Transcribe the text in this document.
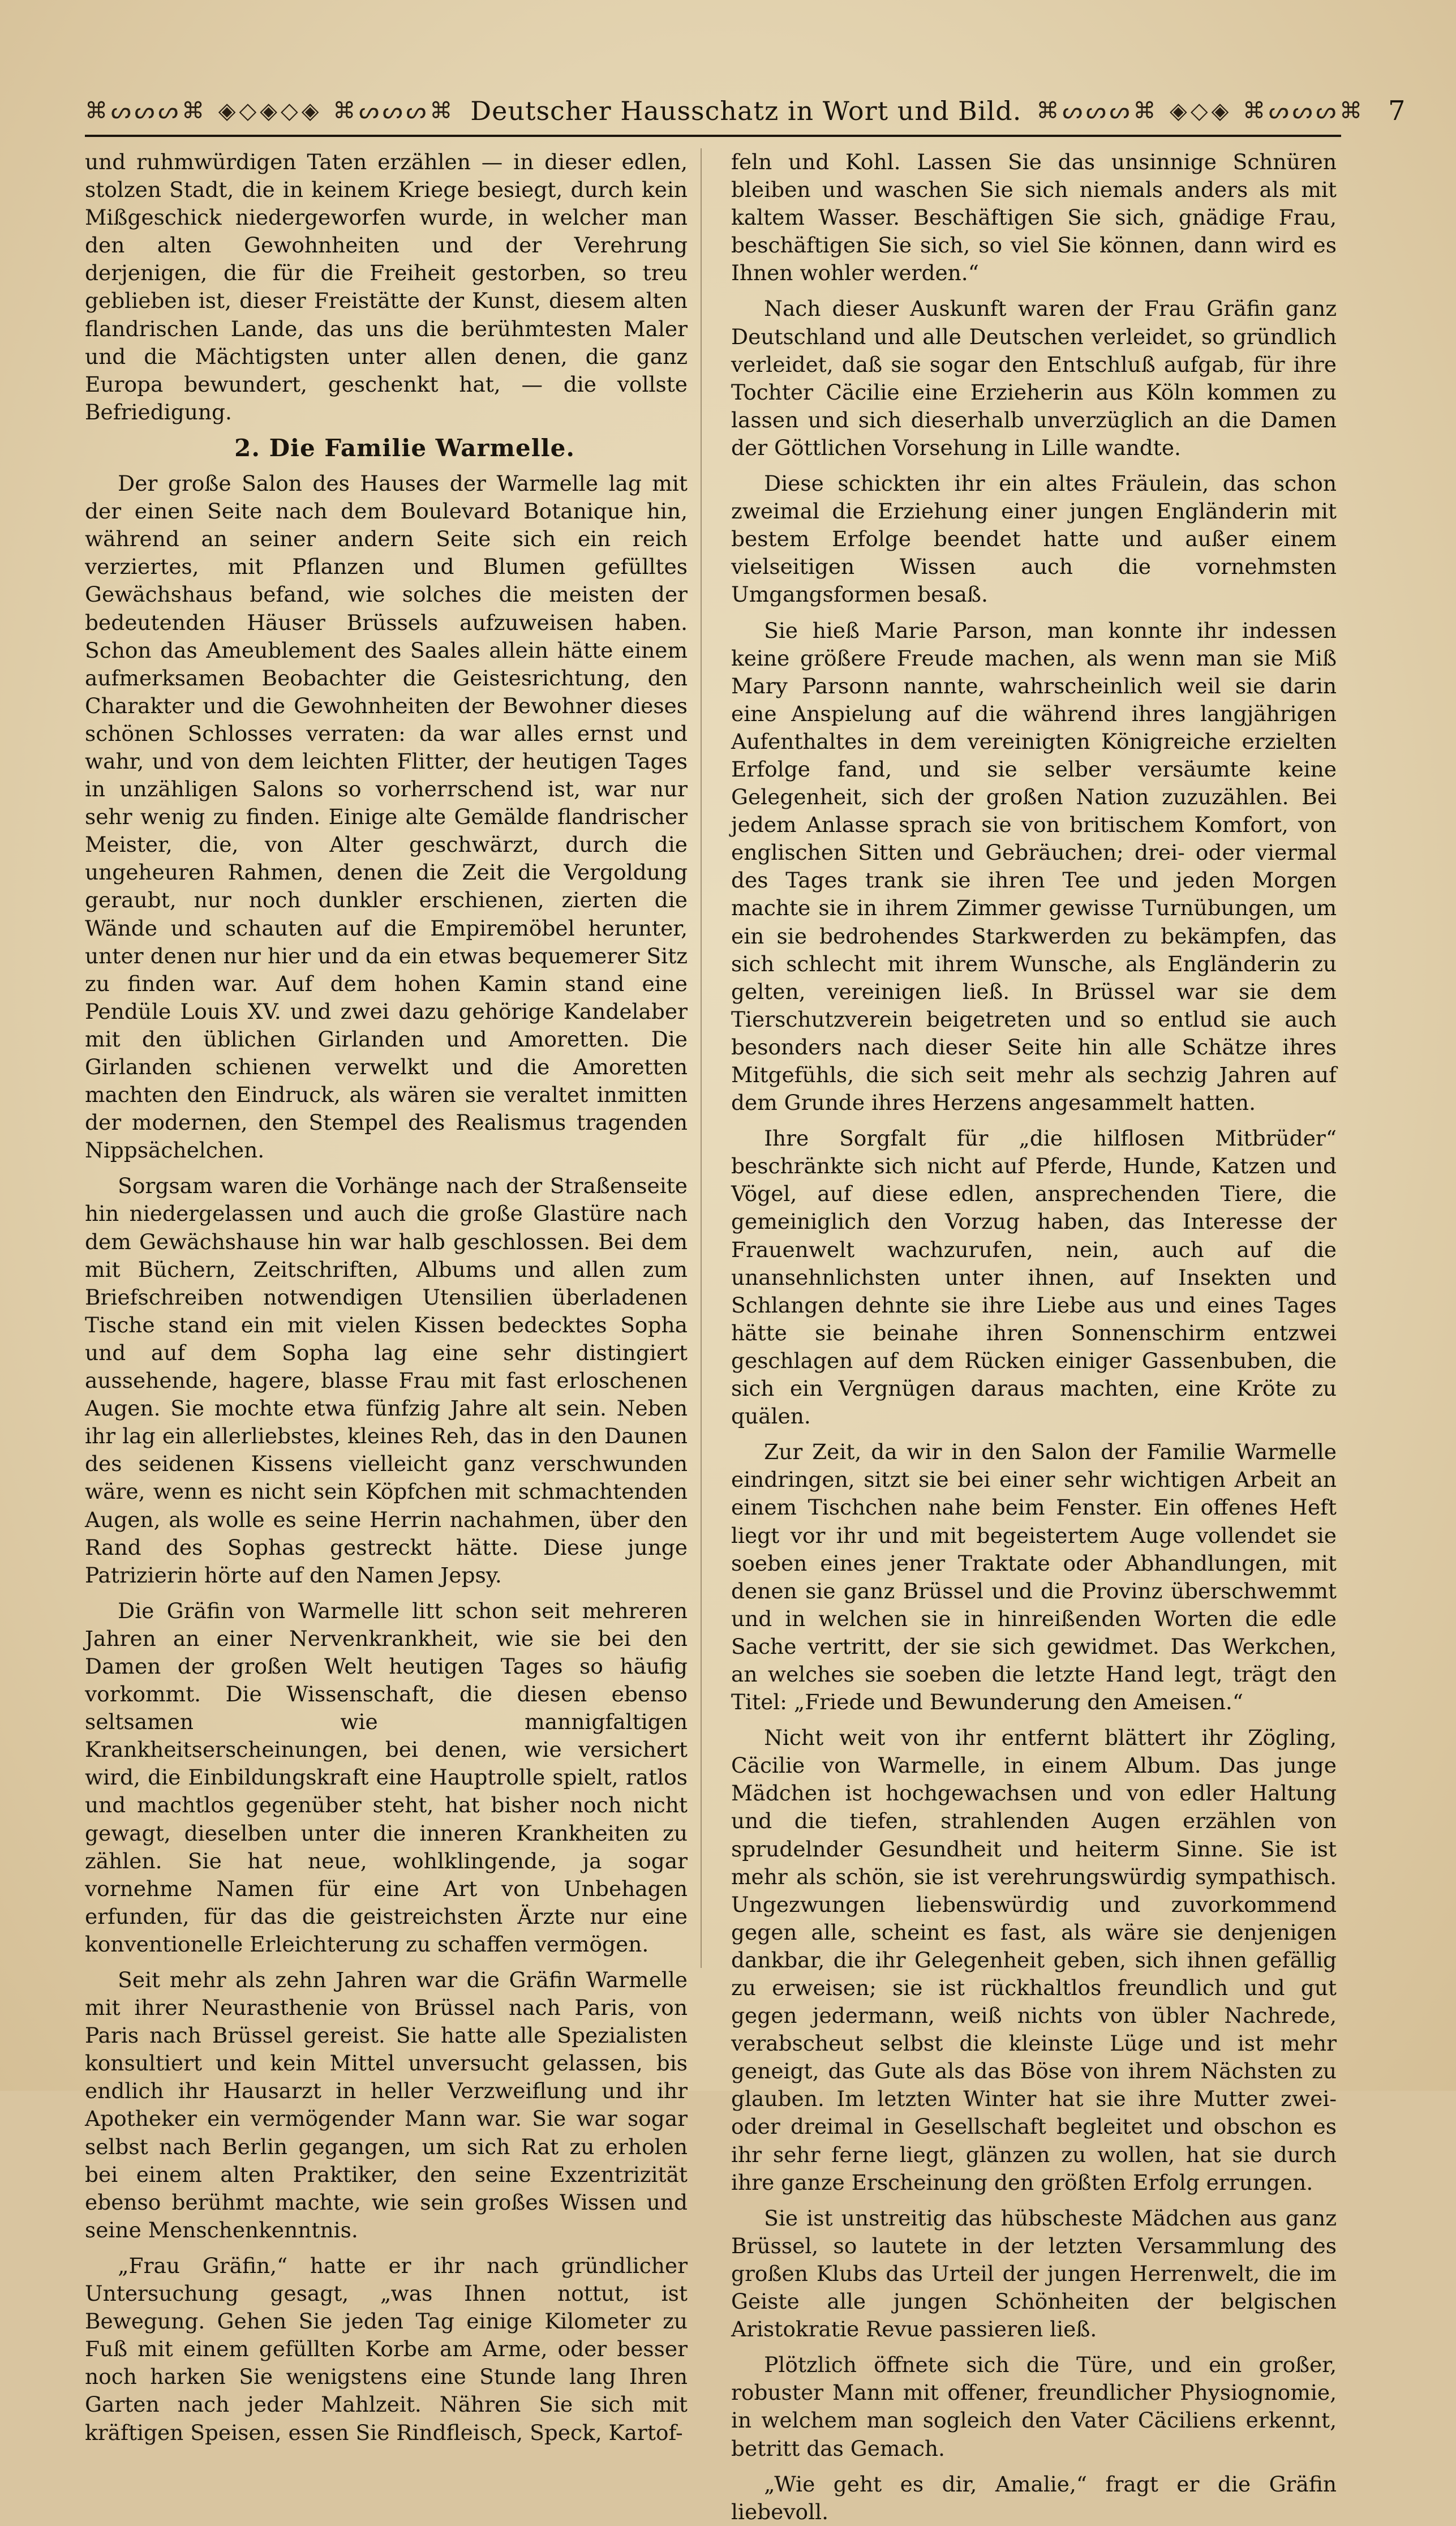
⌘ᔕᔕᔕ⌘ ◈◇◈◇◈ ⌘ᔕᔕᔕ⌘ Deutscher Hausschatz in Wort und Bild. ⌘ᔕᔕᔕ⌘ ◈◇◈ ⌘ᔕᔕᔕ⌘ 7

und ruhmwürdigen Taten erzählen — in dieser edlen, stolzen Stadt, die in keinem Kriege besiegt, durch kein Mißgeschick niedergeworfen wurde, in welcher man den alten Gewohnheiten und der Verehrung derjenigen, die für die Freiheit gestorben, so treu geblieben ist, dieser Freistätte der Kunst, diesem alten flandrischen Lande, das uns die berühmtesten Maler und die Mächtigsten unter allen denen, die ganz Europa bewundert, geschenkt hat, — die vollste Befriedigung.

2. Die Familie Warmelle.

Der große Salon des Hauses der Warmelle lag mit der einen Seite nach dem Boulevard Botanique hin, während an seiner andern Seite sich ein reich verziertes, mit Pflanzen und Blumen gefülltes Gewächshaus befand, wie solches die meisten der bedeutenden Häuser Brüssels aufzuweisen haben. Schon das Ameublement des Saales allein hätte einem aufmerksamen Beobachter die Geistesrichtung, den Charakter und die Gewohnheiten der Bewohner dieses schönen Schlosses verraten: da war alles ernst und wahr, und von dem leichten Flitter, der heutigen Tages in unzähligen Salons so vorherrschend ist, war nur sehr wenig zu finden. Einige alte Gemälde flandrischer Meister, die, von Alter geschwärzt, durch die ungeheuren Rahmen, denen die Zeit die Vergoldung geraubt, nur noch dunkler erschienen, zierten die Wände und schauten auf die Empiremöbel herunter, unter denen nur hier und da ein etwas bequemerer Sitz zu finden war. Auf dem hohen Kamin stand eine Pendüle Louis XV. und zwei dazu gehörige Kandelaber mit den üblichen Girlanden und Amoretten. Die Girlanden schienen verwelkt und die Amoretten machten den Eindruck, als wären sie veraltet inmitten der modernen, den Stempel des Realismus tragenden Nippsächelchen.

Sorgsam waren die Vorhänge nach der Straßenseite hin niedergelassen und auch die große Glastüre nach dem Gewächshause hin war halb geschlossen. Bei dem mit Büchern, Zeitschriften, Albums und allen zum Briefschreiben notwendigen Utensilien überladenen Tische stand ein mit vielen Kissen bedecktes Sopha und auf dem Sopha lag eine sehr distingiert aussehende, hagere, blasse Frau mit fast erloschenen Augen. Sie mochte etwa fünfzig Jahre alt sein. Neben ihr lag ein allerliebstes, kleines Reh, das in den Daunen des seidenen Kissens vielleicht ganz verschwunden wäre, wenn es nicht sein Köpfchen mit schmachtenden Augen, als wolle es seine Herrin nachahmen, über den Rand des Sophas gestreckt hätte. Diese junge Patrizierin hörte auf den Namen Jepsy.

Die Gräfin von Warmelle litt schon seit mehreren Jahren an einer Nervenkrankheit, wie sie bei den Damen der großen Welt heutigen Tages so häufig vorkommt. Die Wissenschaft, die diesen ebenso seltsamen wie mannigfaltigen Krankheitserscheinungen, bei denen, wie versichert wird, die Einbildungskraft eine Hauptrolle spielt, ratlos und machtlos gegenüber steht, hat bisher noch nicht gewagt, dieselben unter die inneren Krankheiten zu zählen. Sie hat neue, wohlklingende, ja sogar vornehme Namen für eine Art von Unbehagen erfunden, für das die geistreichsten Ärzte nur eine konventionelle Erleichterung zu schaffen vermögen.

Seit mehr als zehn Jahren war die Gräfin Warmelle mit ihrer Neurasthenie von Brüssel nach Paris, von Paris nach Brüssel gereist. Sie hatte alle Spezialisten konsultiert und kein Mittel unversucht gelassen, bis endlich ihr Hausarzt in heller Verzweiflung und ihr Apotheker ein vermögender Mann war. Sie war sogar selbst nach Berlin gegangen, um sich Rat zu erholen bei einem alten Praktiker, den seine Exzentrizität ebenso berühmt machte, wie sein großes Wissen und seine Menschenkenntnis.

„Frau Gräfin,“ hatte er ihr nach gründlicher Untersuchung gesagt, „was Ihnen nottut, ist Bewegung. Gehen Sie jeden Tag einige Kilometer zu Fuß mit einem gefüllten Korbe am Arme, oder besser noch harken Sie wenigstens eine Stunde lang Ihren Garten nach jeder Mahlzeit. Nähren Sie sich mit kräftigen Speisen, essen Sie Rindfleisch, Speck, Kartof-

feln und Kohl. Lassen Sie das unsinnige Schnüren bleiben und waschen Sie sich niemals anders als mit kaltem Wasser. Beschäftigen Sie sich, gnädige Frau, beschäftigen Sie sich, so viel Sie können, dann wird es Ihnen wohler werden.“

Nach dieser Auskunft waren der Frau Gräfin ganz Deutschland und alle Deutschen verleidet, so gründlich verleidet, daß sie sogar den Entschluß aufgab, für ihre Tochter Cäcilie eine Erzieherin aus Köln kommen zu lassen und sich dieserhalb unverzüglich an die Damen der Göttlichen Vorsehung in Lille wandte.

Diese schickten ihr ein altes Fräulein, das schon zweimal die Erziehung einer jungen Engländerin mit bestem Erfolge beendet hatte und außer einem vielseitigen Wissen auch die vornehmsten Umgangsformen besaß.

Sie hieß Marie Parson, man konnte ihr indessen keine größere Freude machen, als wenn man sie Miß Mary Parsonn nannte, wahrscheinlich weil sie darin eine Anspielung auf die während ihres langjährigen Aufenthaltes in dem vereinigten Königreiche erzielten Erfolge fand, und sie selber versäumte keine Gelegenheit, sich der großen Nation zuzuzählen. Bei jedem Anlasse sprach sie von britischem Komfort, von englischen Sitten und Gebräuchen; drei- oder viermal des Tages trank sie ihren Tee und jeden Morgen machte sie in ihrem Zimmer gewisse Turnübungen, um ein sie bedrohendes Starkwerden zu bekämpfen, das sich schlecht mit ihrem Wunsche, als Engländerin zu gelten, vereinigen ließ. In Brüssel war sie dem Tierschutzverein beigetreten und so entlud sie auch besonders nach dieser Seite hin alle Schätze ihres Mitgefühls, die sich seit mehr als sechzig Jahren auf dem Grunde ihres Herzens angesammelt hatten.

Ihre Sorgfalt für „die hilflosen Mitbrüder“ beschränkte sich nicht auf Pferde, Hunde, Katzen und Vögel, auf diese edlen, ansprechenden Tiere, die gemeiniglich den Vorzug haben, das Interesse der Frauenwelt wachzurufen, nein, auch auf die unansehnlichsten unter ihnen, auf Insekten und Schlangen dehnte sie ihre Liebe aus und eines Tages hätte sie beinahe ihren Sonnenschirm entzwei geschlagen auf dem Rücken einiger Gassenbuben, die sich ein Vergnügen daraus machten, eine Kröte zu quälen.

Zur Zeit, da wir in den Salon der Familie Warmelle eindringen, sitzt sie bei einer sehr wichtigen Arbeit an einem Tischchen nahe beim Fenster. Ein offenes Heft liegt vor ihr und mit begeistertem Auge vollendet sie soeben eines jener Traktate oder Abhandlungen, mit denen sie ganz Brüssel und die Provinz überschwemmt und in welchen sie in hinreißenden Worten die edle Sache vertritt, der sie sich gewidmet. Das Werkchen, an welches sie soeben die letzte Hand legt, trägt den Titel: „Friede und Bewunderung den Ameisen.“

Nicht weit von ihr entfernt blättert ihr Zögling, Cäcilie von Warmelle, in einem Album. Das junge Mädchen ist hochgewachsen und von edler Haltung und die tiefen, strahlenden Augen erzählen von sprudelnder Gesundheit und heiterm Sinne. Sie ist mehr als schön, sie ist verehrungswürdig sympathisch. Ungezwungen liebenswürdig und zuvorkommend gegen alle, scheint es fast, als wäre sie denjenigen dankbar, die ihr Gelegenheit geben, sich ihnen gefällig zu erweisen; sie ist rückhaltlos freundlich und gut gegen jedermann, weiß nichts von übler Nachrede, verabscheut selbst die kleinste Lüge und ist mehr geneigt, das Gute als das Böse von ihrem Nächsten zu glauben. Im letzten Winter hat sie ihre Mutter zwei- oder dreimal in Gesellschaft begleitet und obschon es ihr sehr ferne liegt, glänzen zu wollen, hat sie durch ihre ganze Erscheinung den größten Erfolg errungen.

Sie ist unstreitig das hübscheste Mädchen aus ganz Brüssel, so lautete in der letzten Versammlung des großen Klubs das Urteil der jungen Herrenwelt, die im Geiste alle jungen Schönheiten der belgischen Aristokratie Revue passieren ließ.

Plötzlich öffnete sich die Türe, und ein großer, robuster Mann mit offener, freundlicher Physiognomie, in welchem man sogleich den Vater Cäciliens erkennt, betritt das Gemach.

„Wie geht es dir, Amalie,“ fragt er die Gräfin liebevoll.
